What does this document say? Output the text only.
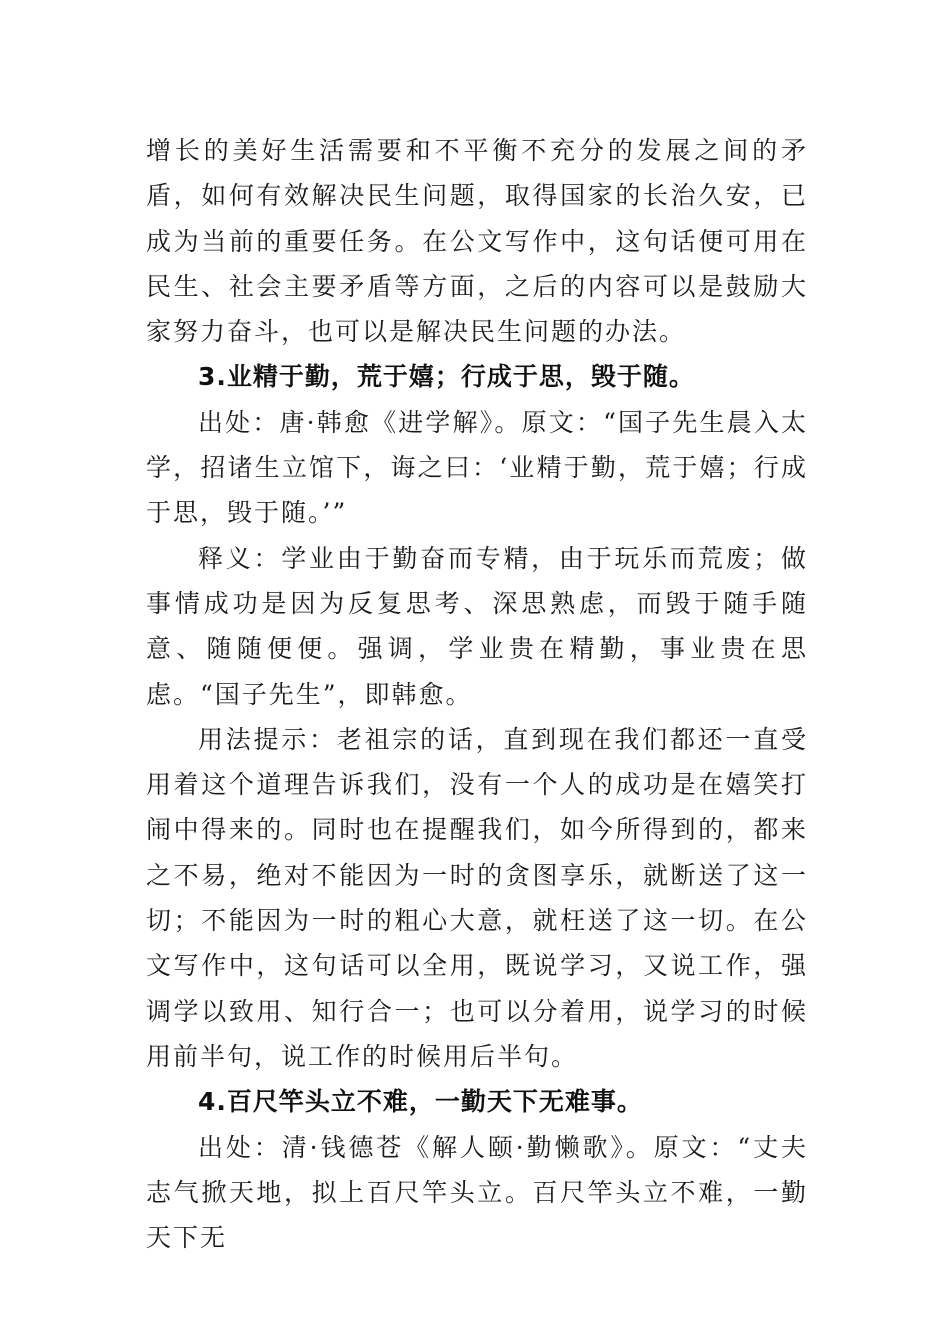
增长的美好生活需要和不平衡不充分的发展之间的矛盾，如何有效解决民生问题，取得国家的长治久安，已成为当前的重要任务。在公文写作中，这句话便可用在民生、社会主要矛盾等方面，之后的内容可以是鼓励大家努力奋斗，也可以是解决民生问题的办法。

3.业精于勤，荒于嬉；行成于思，毁于随。

出处：唐·韩愈《进学解》。原文：“国子先生晨入太学，招诸生立馆下，诲之曰：‘业精于勤，荒于嬉；行成于思，毁于随。’”

释义：学业由于勤奋而专精，由于玩乐而荒废；做事情成功是因为反复思考、深思熟虑，而毁于随手随意、随随便便。强调，学业贵在精勤，事业贵在思虑。“国子先生”，即韩愈。

用法提示：老祖宗的话，直到现在我们都还一直受用着这个道理告诉我们，没有一个人的成功是在嬉笑打闹中得来的。同时也在提醒我们，如今所得到的，都来之不易，绝对不能因为一时的贪图享乐，就断送了这一切；不能因为一时的粗心大意，就枉送了这一切。在公文写作中，这句话可以全用，既说学习，又说工作，强调学以致用、知行合一；也可以分着用，说学习的时候用前半句，说工作的时候用后半句。

4.百尺竿头立不难，一勤天下无难事。

出处：清·钱德苍《解人颐·勤懒歌》。原文：“丈夫志气掀天地，拟上百尺竿头立。百尺竿头立不难，一勤天下无
